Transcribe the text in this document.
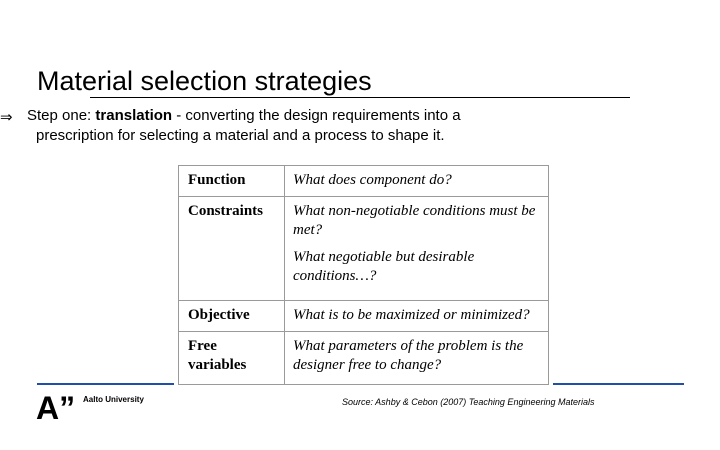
Material selection strategies
⇒ Step one: translation - converting the design requirements into a
prescription for selecting a material and a process to shape it.
Function	What does component do?
Constraints	What non-negotiable conditions must be met?
What negotiable but desirable conditions…?
Objective	What is to be maximized or minimized?
Free variables	What parameters of the problem is the designer free to change?
A” Aalto University	Source: Ashby & Cebon (2007) Teaching Engineering Materials
